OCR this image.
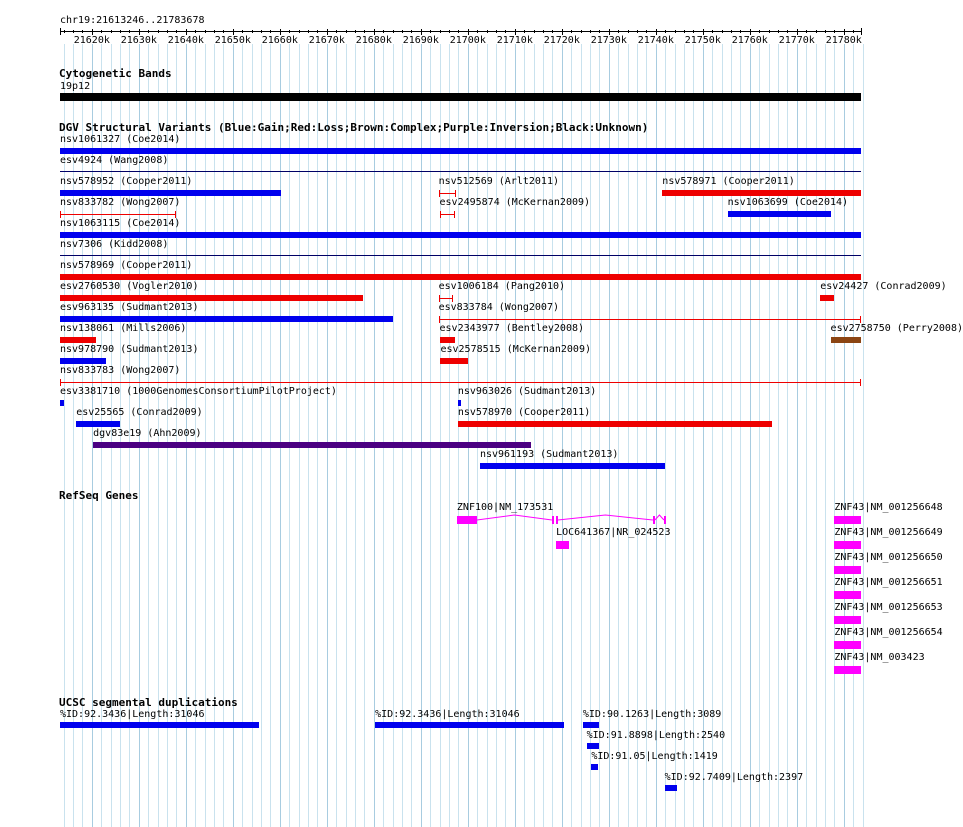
chr19:21613246..21783678
21620k 21630k 21640k 21650k 21660k 21670k 21680k 21690k 21700k 21710k 21720k 21730k 21740k 21750k 21760k 21770k 21780k
Cytogenetic Bands
19p12
DGV Structural Variants (Blue:Gain;Red:Loss;Brown:Complex;Purple:Inversion;Black:Unknown)
nsv1061327 (Coe2014)
esv4924 (Wang2008)
nsv578952 (Cooper2011)	nsv512569 (Arlt2011)	nsv578971 (Cooper2011)
nsv833782 (Wong2007)	esv2495874 (McKernan2009)	nsv1063699 (Coe2014)
nsv1063115 (Coe2014)
nsv7306 (Kidd2008)
nsv578969 (Cooper2011)
esv2760530 (Vogler2010)	esv1006184 (Pang2010)	esv24427 (Conrad2009)
esv963135 (Sudmant2013)	esv833784 (Wong2007)
nsv138061 (Mills2006)	esv2343977 (Bentley2008)	esv2758750 (Perry2008)
nsv978790 (Sudmant2013)	esv2578515 (McKernan2009)
nsv833783 (Wong2007)
esv3381710 (1000GenomesConsortiumPilotProject)	nsv963026 (Sudmant2013)
esv25565 (Conrad2009)	nsv578970 (Cooper2011)
dgv83e19 (Ahn2009)
nsv961193 (Sudmant2013)
RefSeq Genes
ZNF100|NM_173531
LOC641367|NR_024523
ZNF43|NM_001256648
ZNF43|NM_001256649
ZNF43|NM_001256650
ZNF43|NM_001256651
ZNF43|NM_001256653
ZNF43|NM_001256654
ZNF43|NM_003423
UCSC segmental duplications
%ID:92.3436|Length:31046	%ID:92.3436|Length:31046	%ID:90.1263|Length:3089
%ID:91.8898|Length:2540
%ID:91.05|Length:1419
%ID:92.7409|Length:2397
